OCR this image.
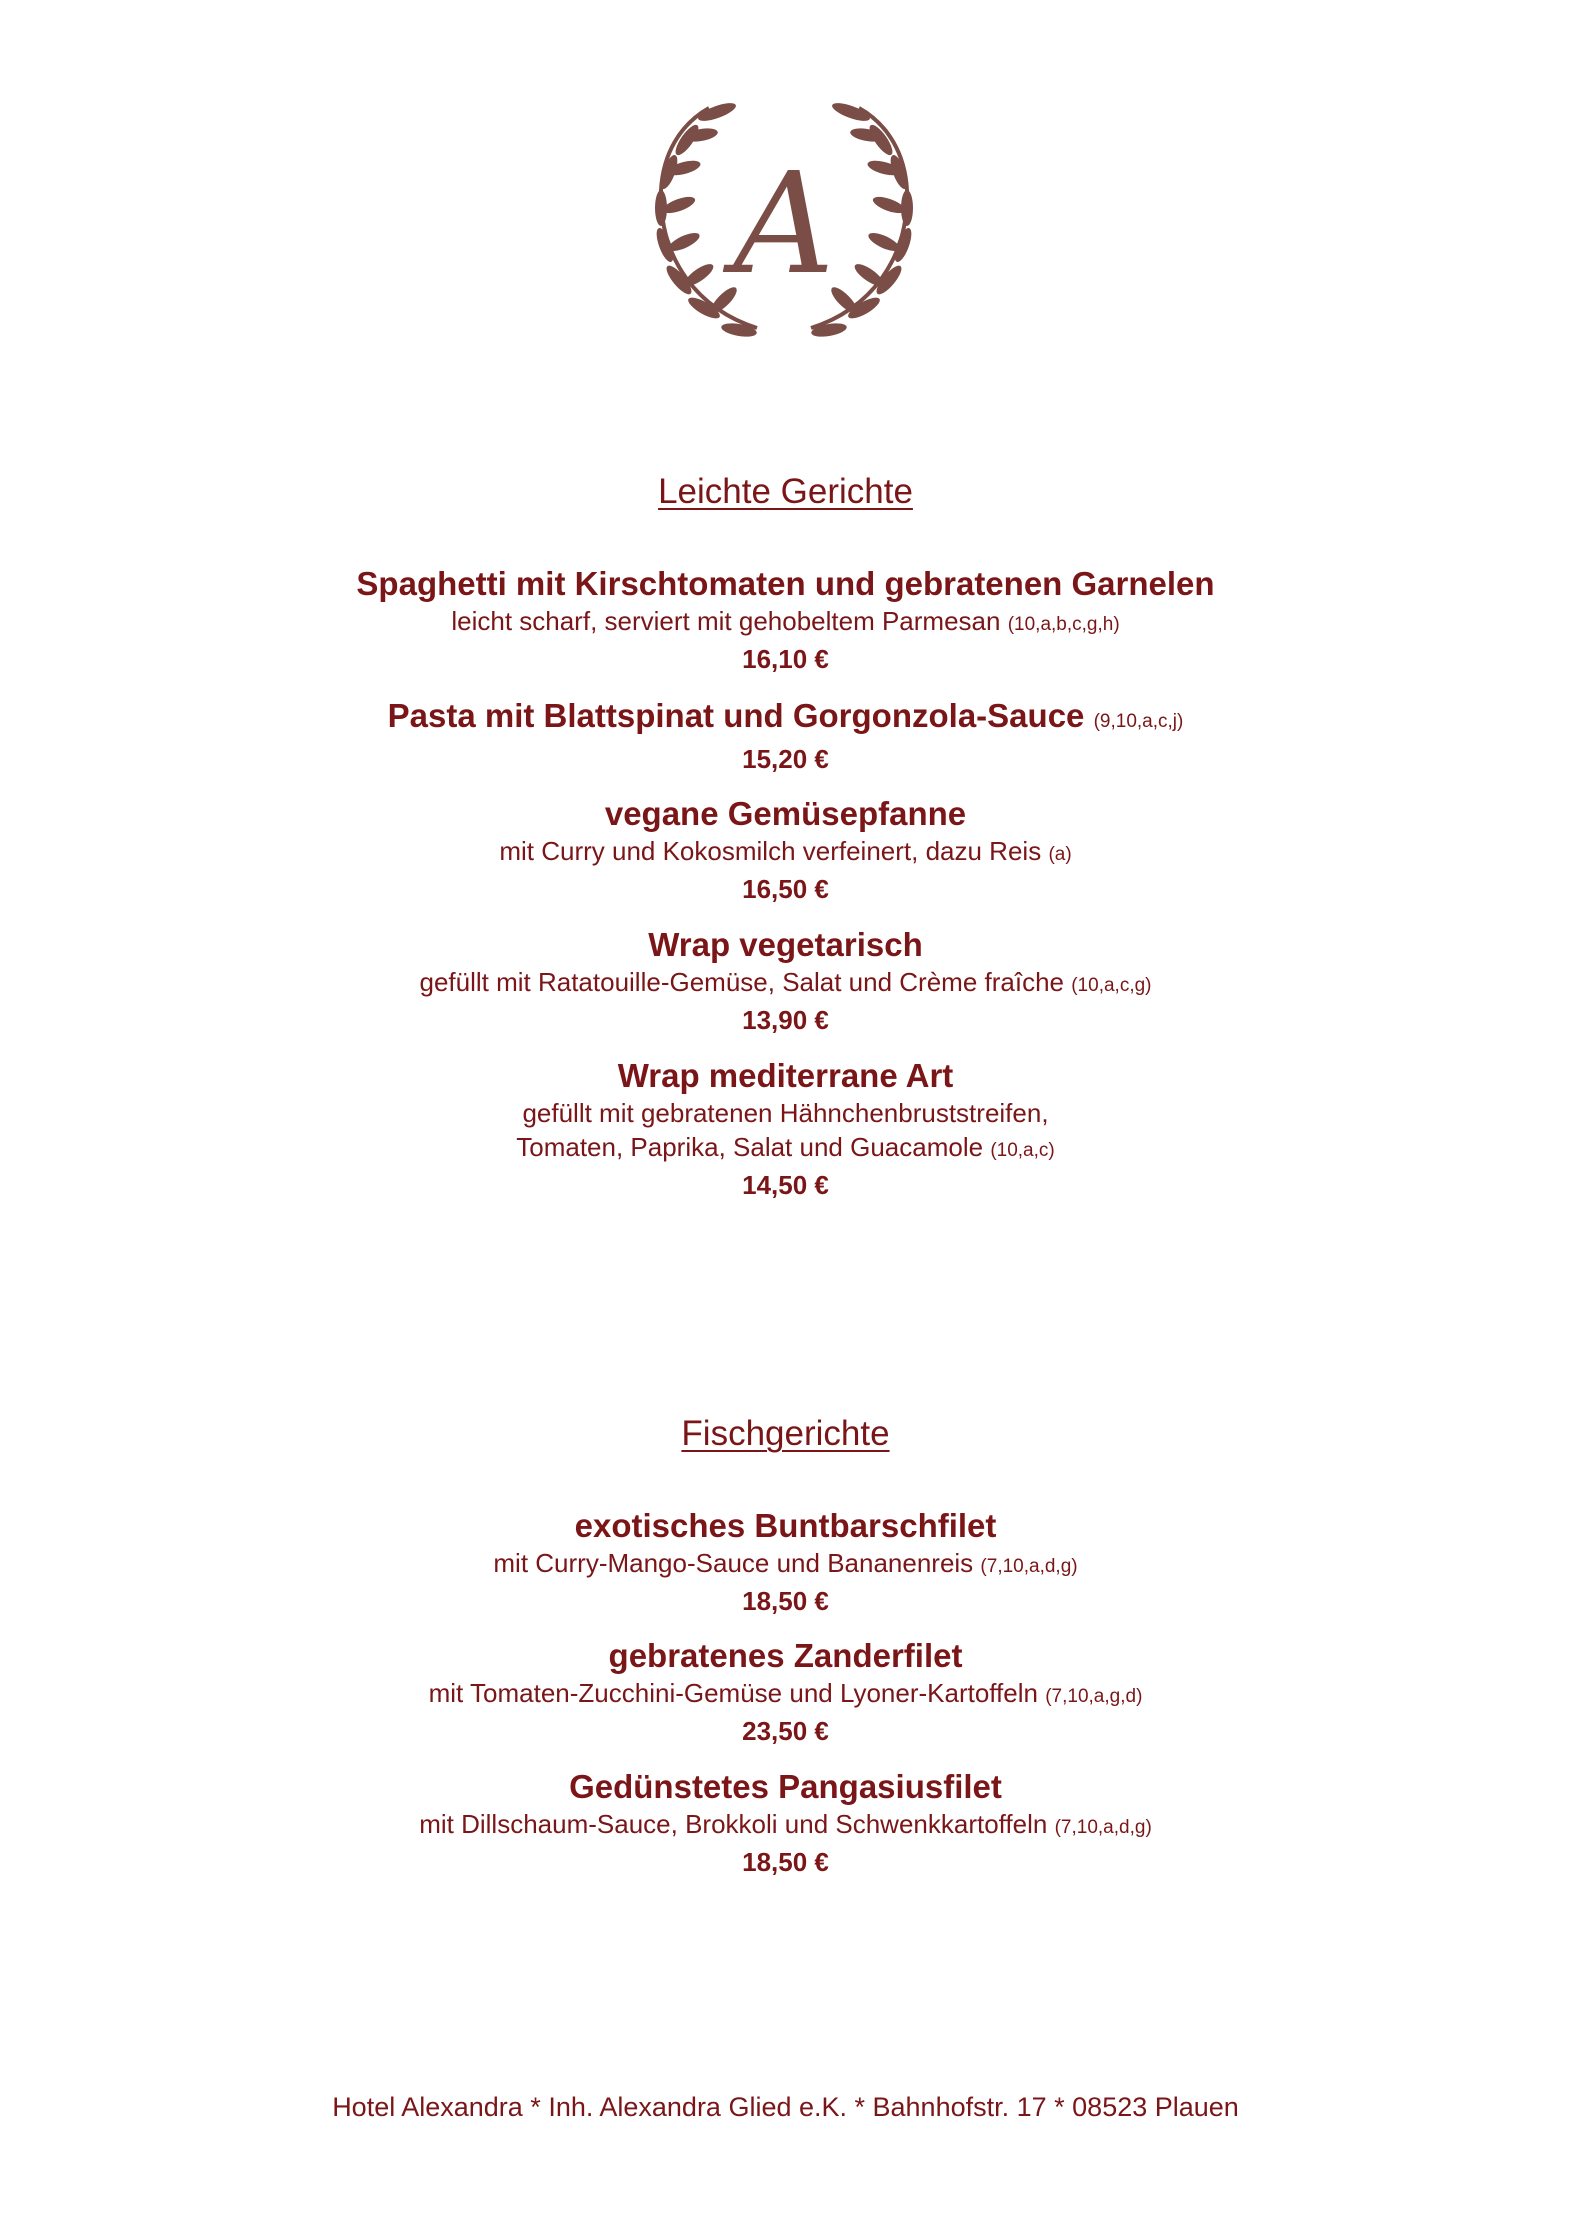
A
Leichte Gerichte
Spaghetti mit Kirschtomaten und gebratenen Garnelen
leicht scharf, serviert mit gehobeltem Parmesan (10,a,b,c,g,h)
16,10 €
Pasta mit Blattspinat und Gorgonzola-Sauce (9,10,a,c,j)
15,20 €
vegane Gemüsepfanne
mit Curry und Kokosmilch verfeinert, dazu Reis (a)
16,50 €
Wrap vegetarisch
gefüllt mit Ratatouille-Gemüse, Salat und Crème fraîche (10,a,c,g)
13,90 €
Wrap mediterrane Art
gefüllt mit gebratenen Hähnchenbruststreifen,
Tomaten, Paprika, Salat und Guacamole (10,a,c)
14,50 €
Fischgerichte
exotisches Buntbarschfilet
mit Curry-Mango-Sauce und Bananenreis (7,10,a,d,g)
18,50 €
gebratenes Zanderfilet
mit Tomaten-Zucchini-Gemüse und Lyoner-Kartoffeln (7,10,a,g,d)
23,50 €
Gedünstetes Pangasiusfilet
mit Dillschaum-Sauce, Brokkoli und Schwenkkartoffeln (7,10,a,d,g)
18,50 €
Hotel Alexandra * Inh. Alexandra Glied e.K. * Bahnhofstr. 17 * 08523 Plauen
